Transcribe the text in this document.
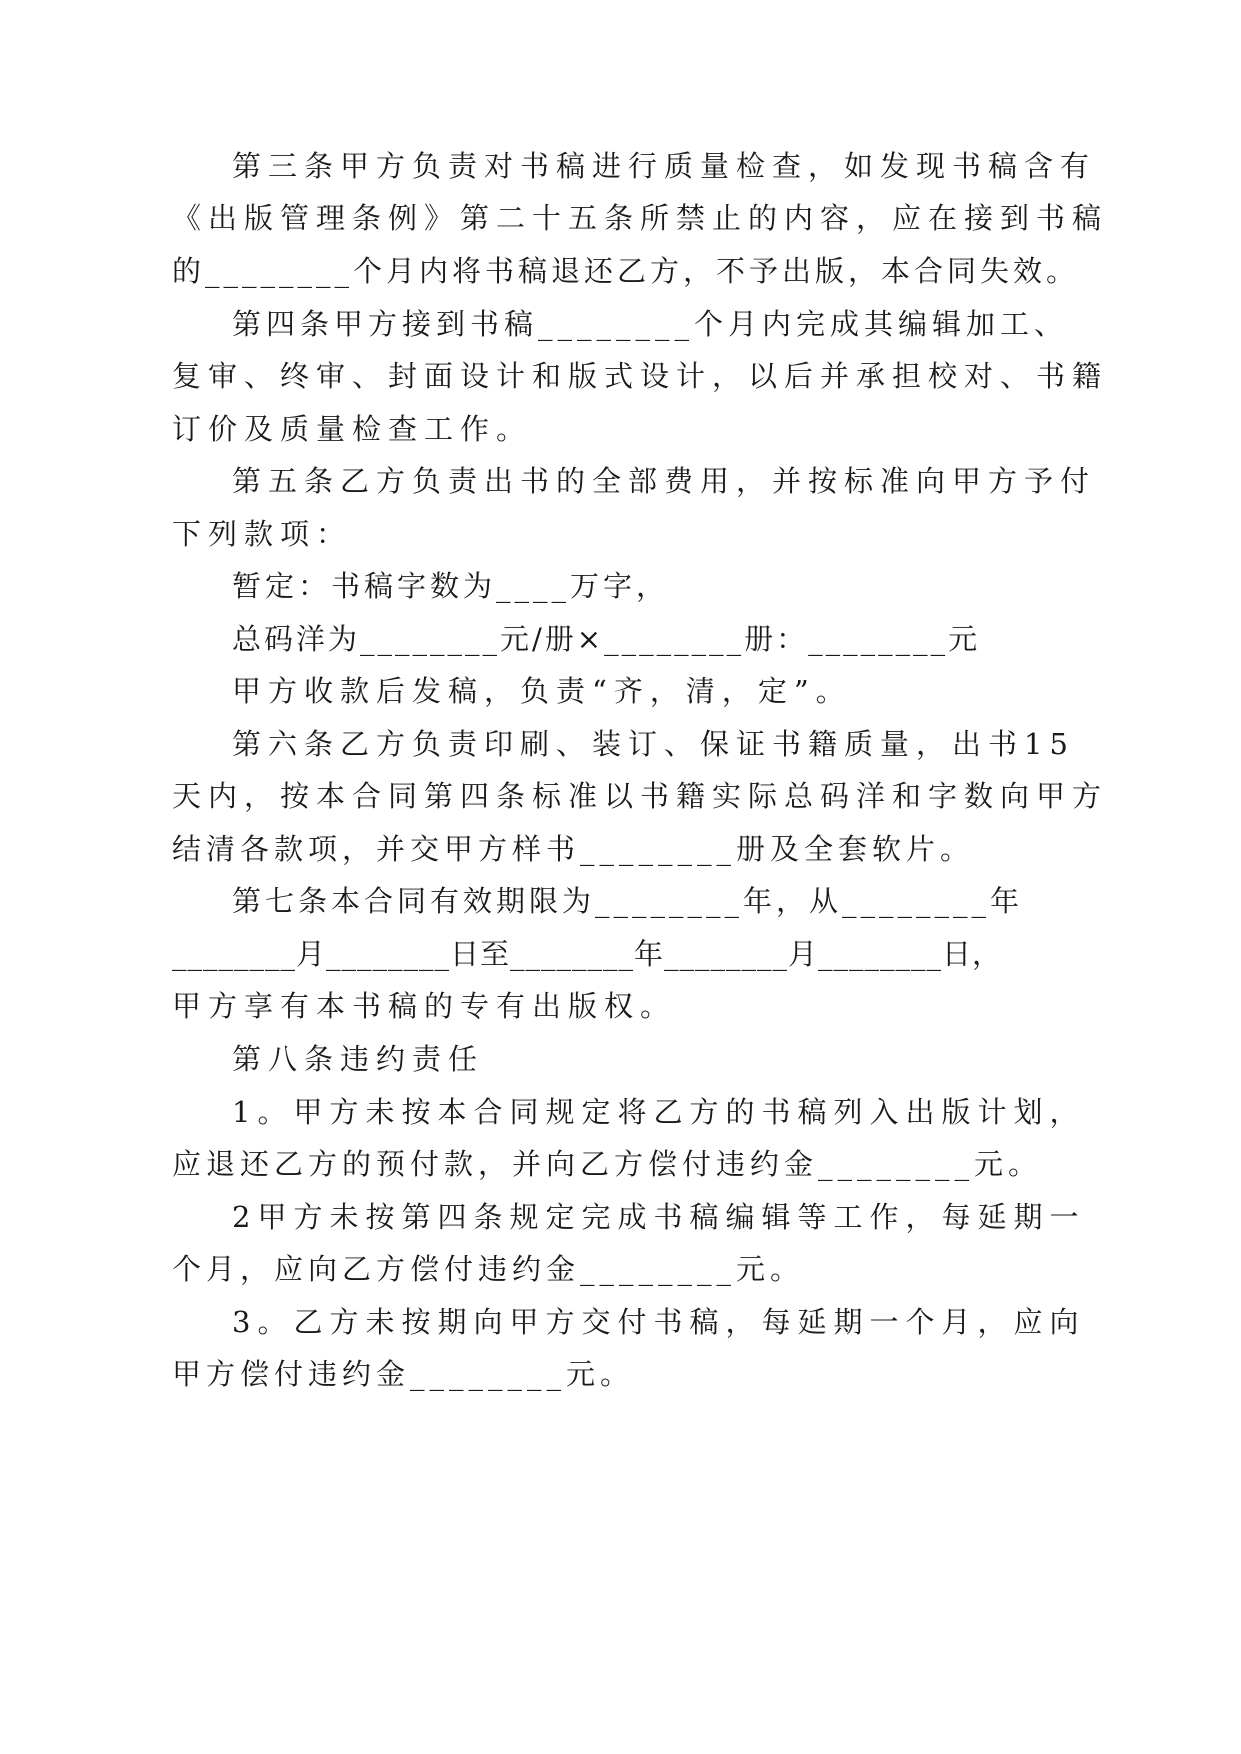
第三条甲方负责对书稿进行质量检查，如发现书稿含有
《出版管理条例》第二十五条所禁止的内容，应在接到书稿
的________个月内将书稿退还乙方，不予出版，本合同失效。
第四条甲方接到书稿________个月内完成其编辑加工、
复审、终审、封面设计和版式设计，以后并承担校对、书籍
订价及质量检查工作。
第五条乙方负责出书的全部费用，并按标准向甲方予付
下列款项：
暂定：书稿字数为____万字，
总码洋为________元/册×________册：________元
甲方收款后发稿，负责“齐，清，定”。
第六条乙方负责印刷、装订、保证书籍质量，出书15
天内，按本合同第四条标准以书籍实际总码洋和字数向甲方
结清各款项，并交甲方样书________册及全套软片。
第七条本合同有效期限为________年，从________年
________月________日至________年________月________日，
甲方享有本书稿的专有出版权。
第八条违约责任
1。甲方未按本合同规定将乙方的书稿列入出版计划，
应退还乙方的预付款，并向乙方偿付违约金________元。
2甲方未按第四条规定完成书稿编辑等工作，每延期一
个月，应向乙方偿付违约金________元。
3。乙方未按期向甲方交付书稿，每延期一个月，应向
甲方偿付违约金________元。
